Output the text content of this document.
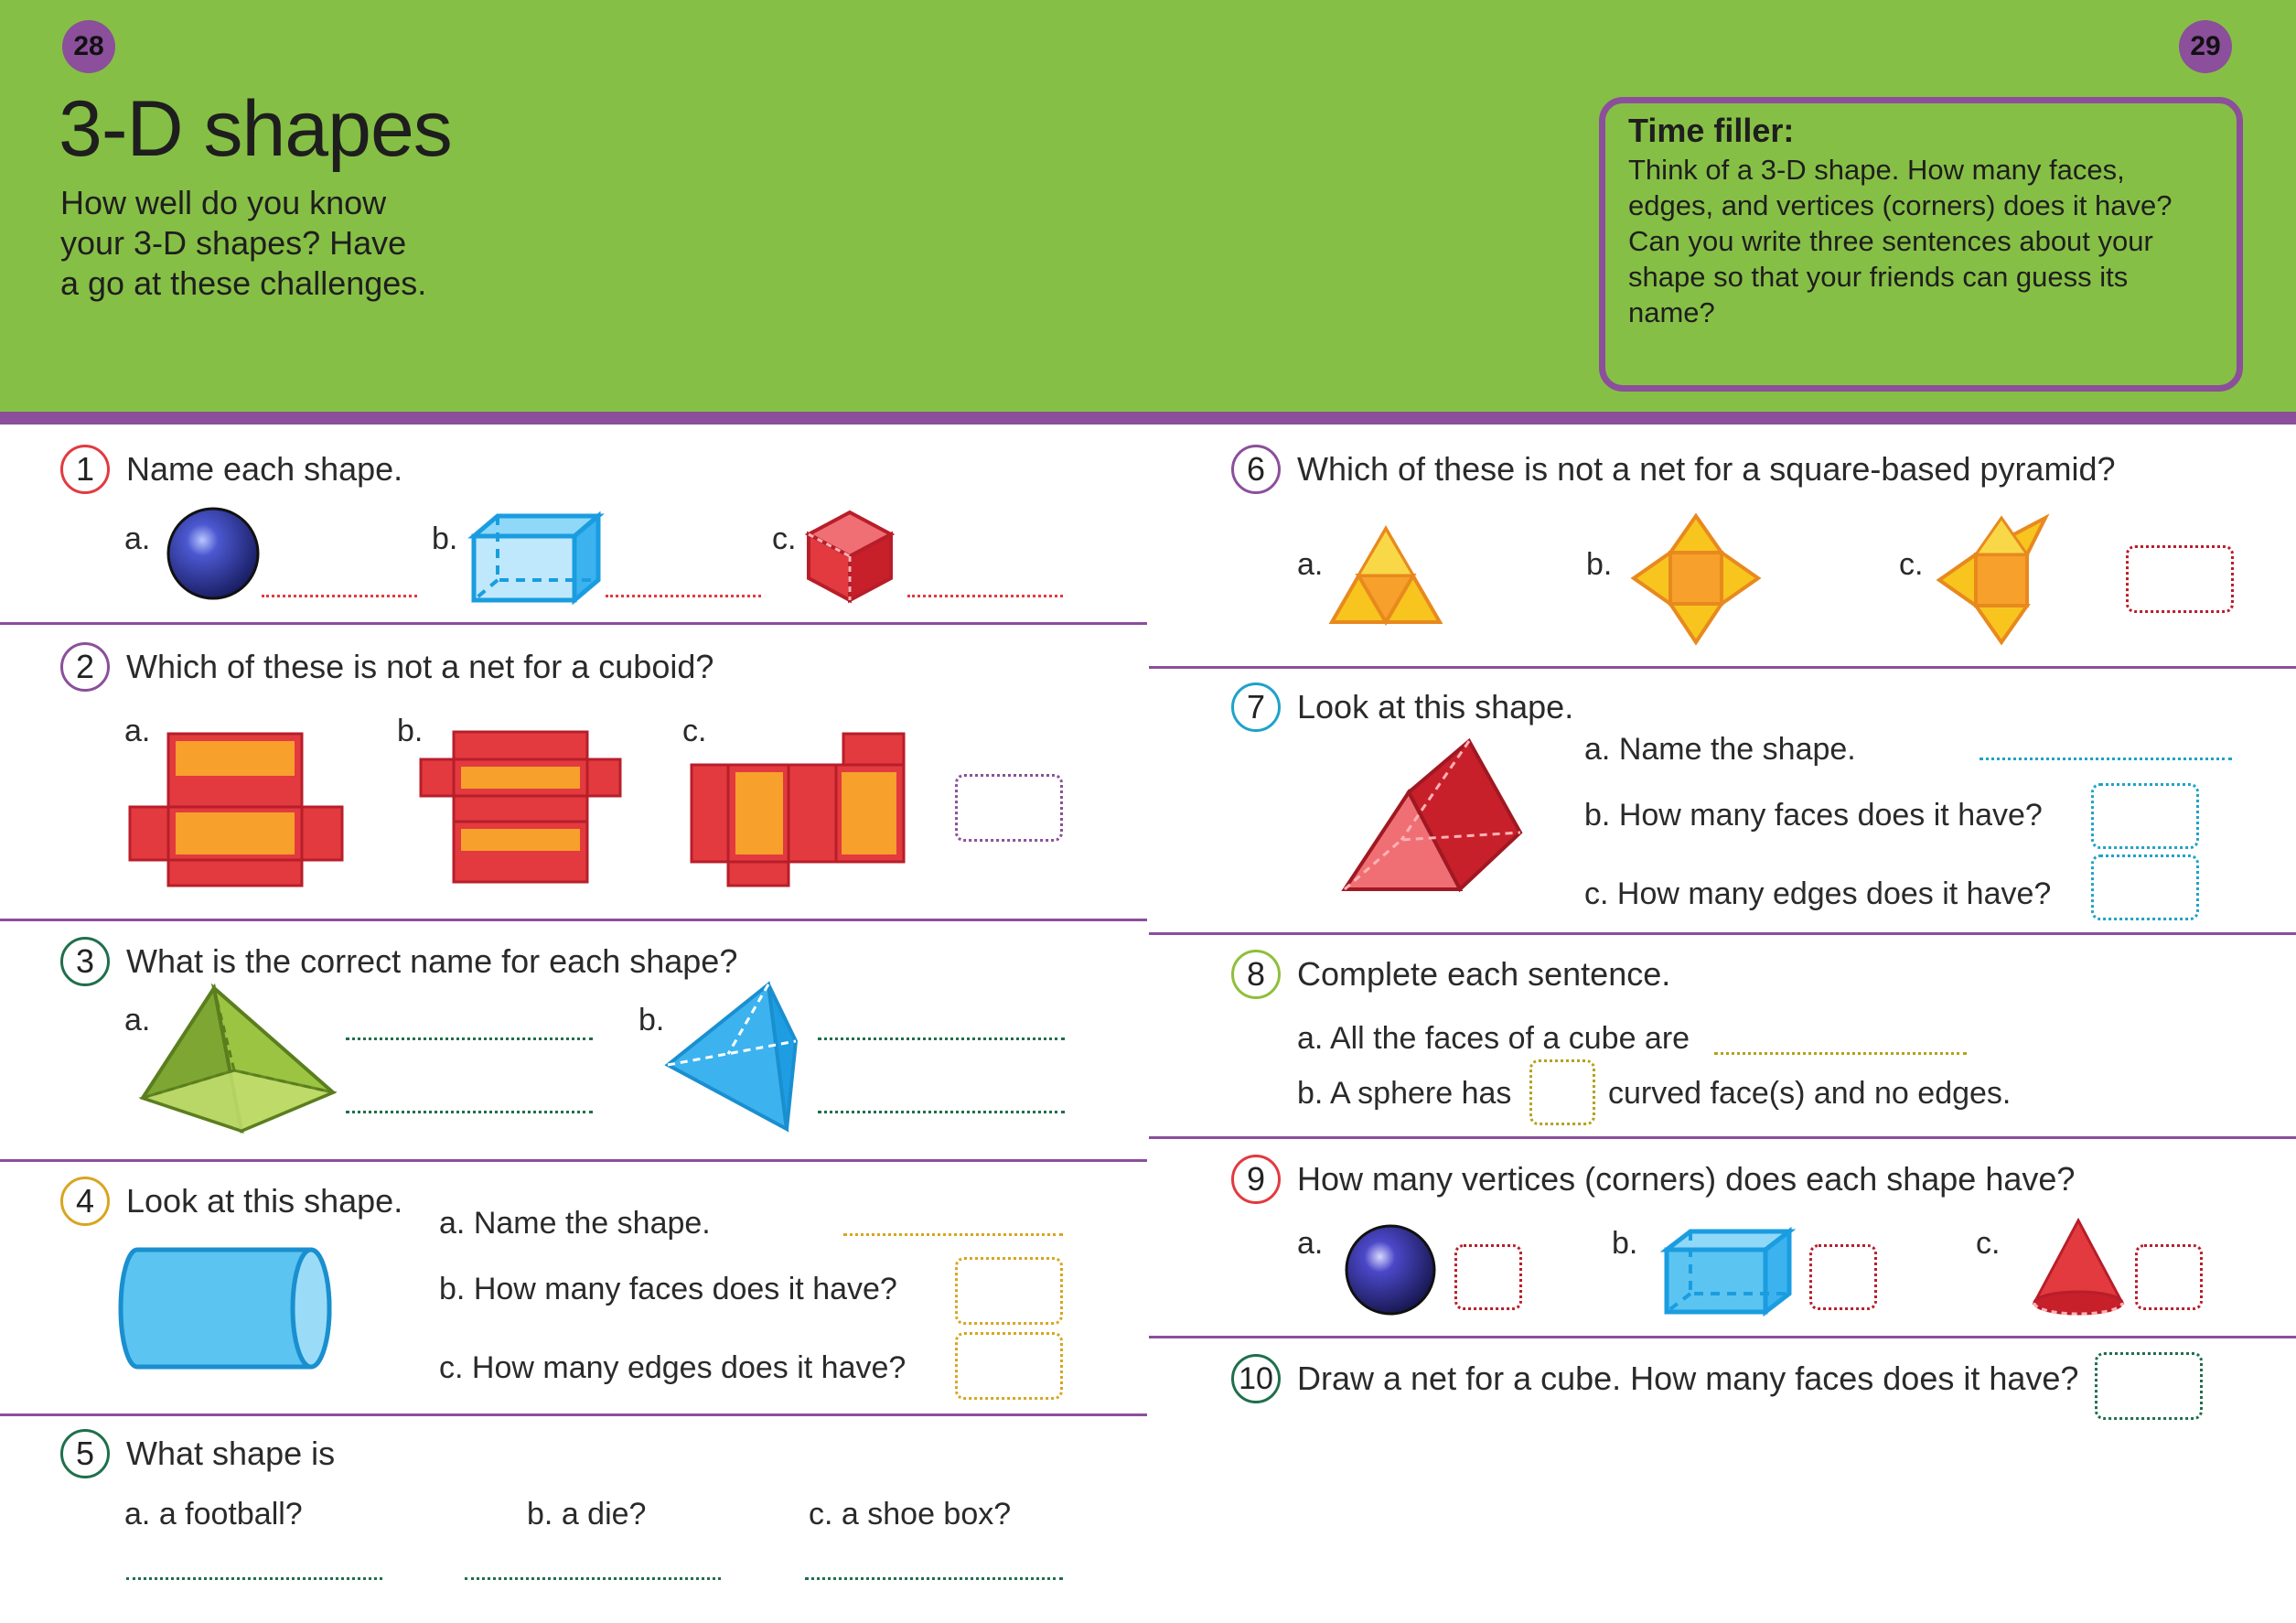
28	29
3-D shapes
How well do you know
your 3-D shapes? Have
a go at these challenges.
Time filler:
Think of a 3-D shape. How many faces,
edges, and vertices (corners) does it have?
Can you write three sentences about your
shape so that your friends can guess its name?
1 Name each shape.
a.	b.	c.
2 Which of these is not a net for a cuboid?
a.	b.	c.
3 What is the correct name for each shape?
a.	b.
4 Look at this shape.
a. Name the shape.
b. How many faces does it have?
c. How many edges does it have?
5 What shape is
a. a football?	b. a die?	c. a shoe box?
6 Which of these is not a net for a square-based pyramid?
a.	b.	c.
7 Look at this shape.
a. Name the shape.
b. How many faces does it have?
c. How many edges does it have?
8 Complete each sentence.
a. All the faces of a cube are
b. A sphere has	curved face(s) and no edges.
9 How many vertices (corners) does each shape have?
a.	b.	c.
10 Draw a net for a cube. How many faces does it have?
